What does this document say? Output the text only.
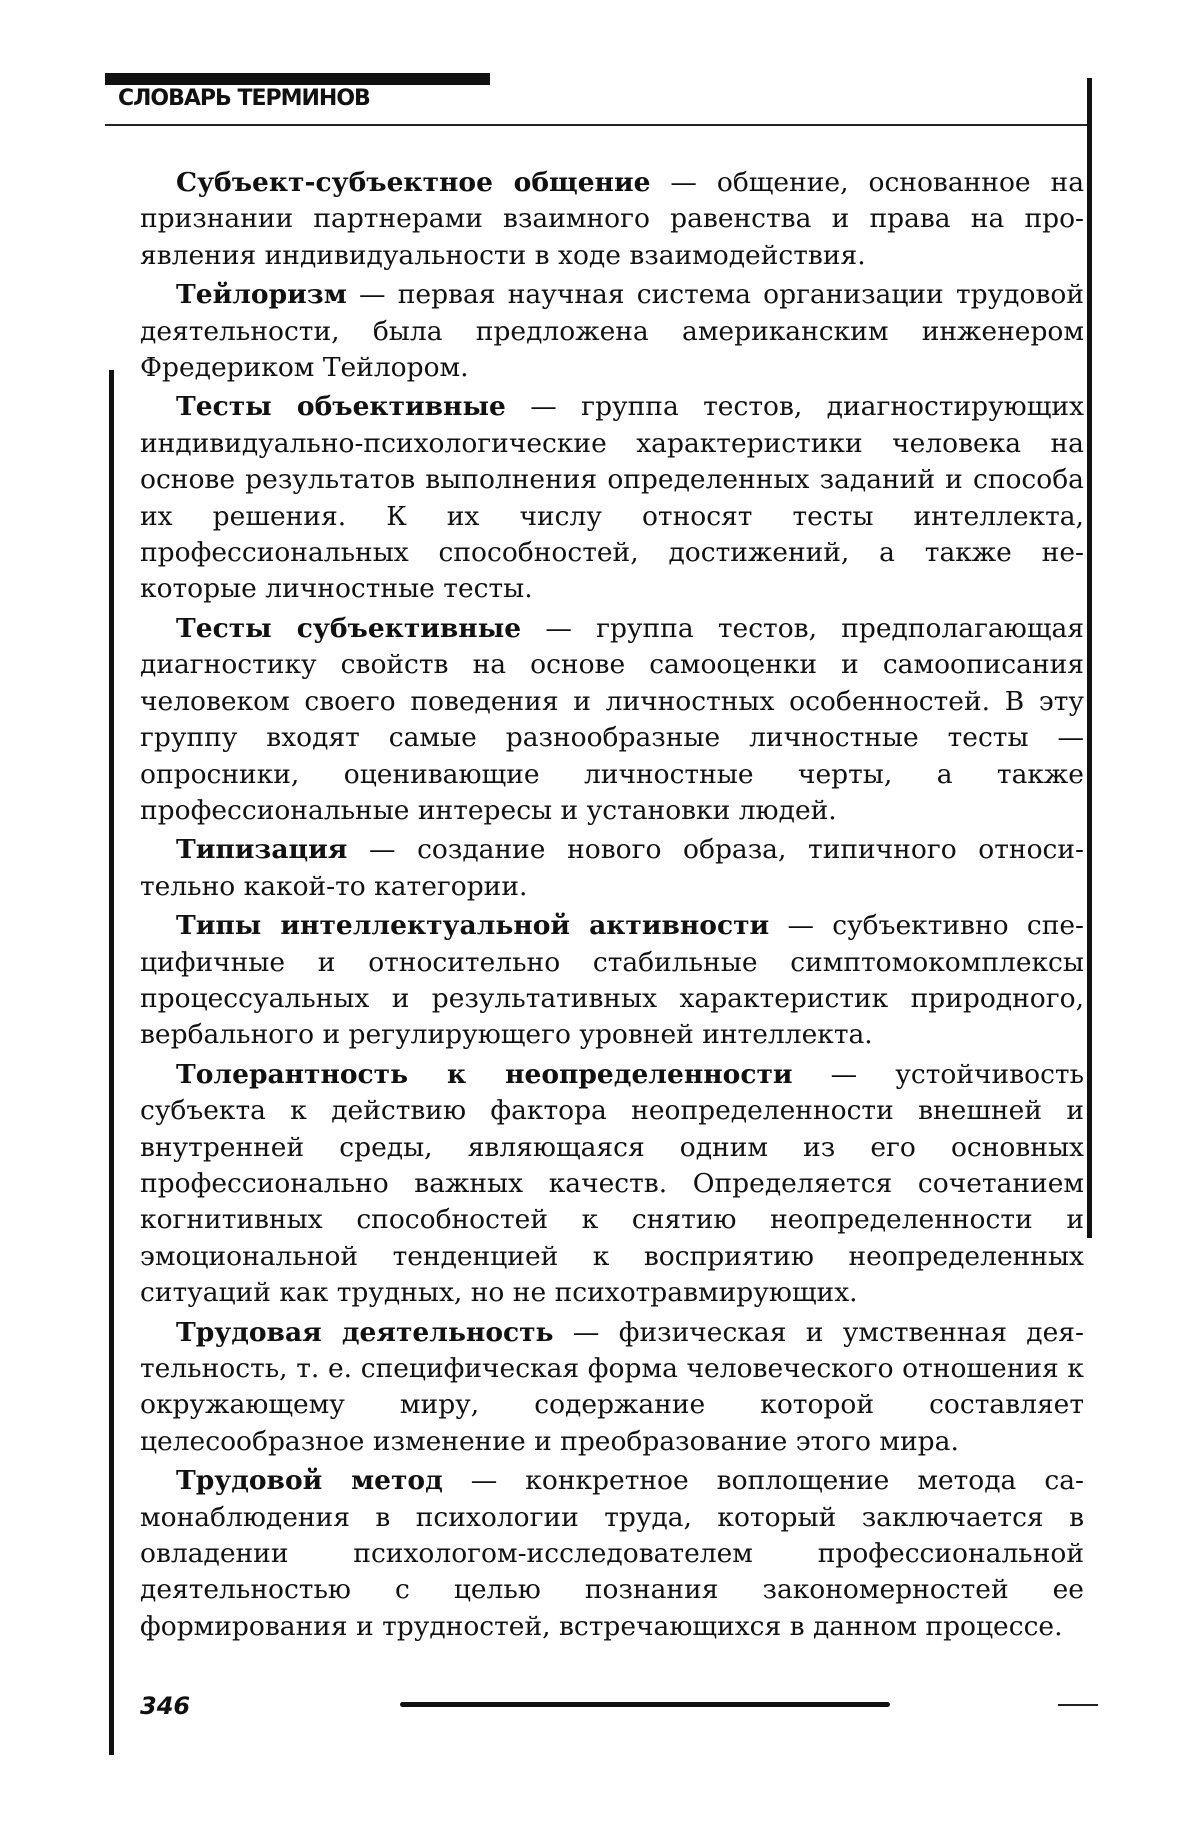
СЛОВАРЬ ТЕРМИНОВ

Субъект-субъектное общение — общение, основанное на признании партнерами взаимного равенства и права на проявления индивидуальности в ходе взаимодействия.

Тейлоризм — первая научная система организации трудовой деятельности, была предложена американским инженером Фредериком Тейлором.

Тесты объективные — группа тестов, диагностирующих индивидуально-психологические характеристики человека на основе результатов выполнения определенных заданий и способа их решения. К их числу относят тесты интеллекта, профессиональных способностей, достижений, а также некоторые личностные тесты.

Тесты субъективные — группа тестов, предполагающая диагностику свойств на основе самооценки и самоописания человеком своего поведения и личностных особенностей. В эту группу входят самые разнообразные личностные тесты — опросники, оценивающие личностные черты, а также профессиональные интересы и установки людей.

Типизация — создание нового образа, типичного относительно какой-то категории.

Типы интеллектуальной активности — субъективно специфичные и относительно стабильные симптомокомплексы процессуальных и результативных характеристик природного, вербального и регулирующего уровней интеллекта.

Толерантность к неопределенности — устойчивость субъекта к действию фактора неопределенности внешней и внутренней среды, являющаяся одним из его основных профессионально важных качеств. Определяется сочетанием когнитивных способностей к снятию неопределенности и эмоциональной тенденцией к восприятию неопределенных ситуаций как трудных, но не психотравмирующих.

Трудовая деятельность — физическая и умственная деятельность, т. е. специфическая форма человеческого отношения к окружающему миру, содержание которой составляет целесообразное изменение и преобразование этого мира.

Трудовой метод — конкретное воплощение метода самонаблюдения в психологии труда, который заключается в овладении психологом-исследователем профессиональной деятельностью с целью познания закономерностей ее формирования и трудностей, встречающихся в данном процессе.

346
